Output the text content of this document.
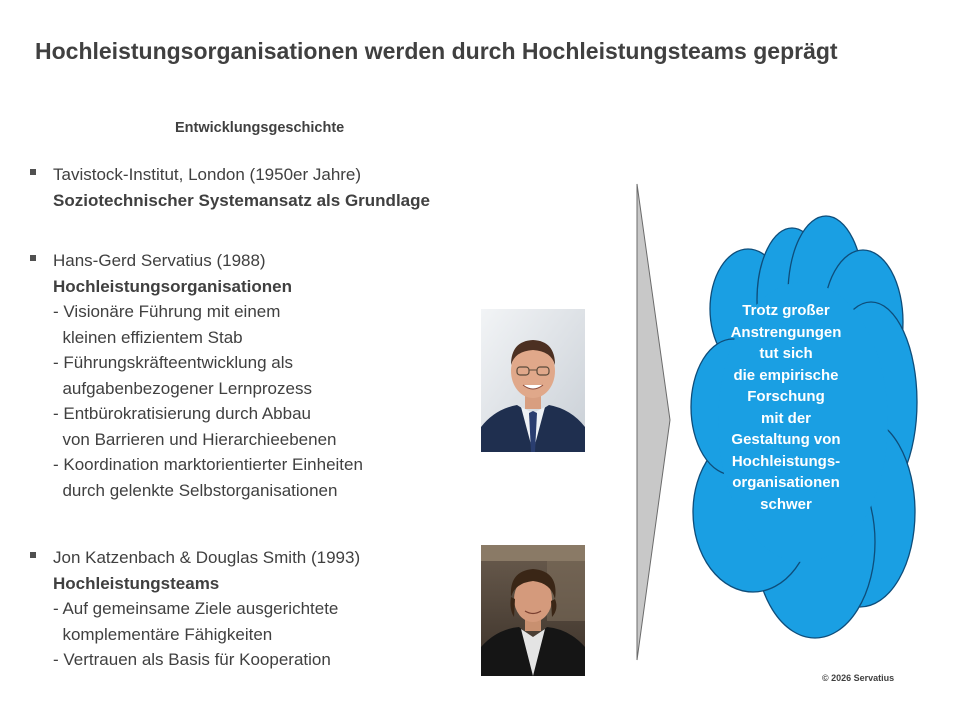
Hochleistungsorganisationen werden durch Hochleistungsteams geprägt
Entwicklungsgeschichte
Tavistock-Institut, London (1950er Jahre)
Soziotechnischer Systemansatz als Grundlage
Hans-Gerd Servatius (1988)
Hochleistungsorganisationen
- Visionäre Führung mit einem
kleinen effizientem Stab
- Führungskräfteentwicklung als
aufgabenbezogener Lernprozess
- Entbürokratisierung durch Abbau
von Barrieren und Hierarchieebenen
- Koordination marktorientierter Einheiten
durch gelenkte Selbstorganisationen
Jon Katzenbach & Douglas Smith (1993)
Hochleistungsteams
- Auf gemeinsame Ziele ausgerichtete
komplementäre Fähigkeiten
- Vertrauen als Basis für Kooperation
Trotz großer
Anstrengungen
tut sich
die empirische
Forschung
mit der
Gestaltung von
Hochleistungs-
organisationen
schwer
© 2026 Servatius
